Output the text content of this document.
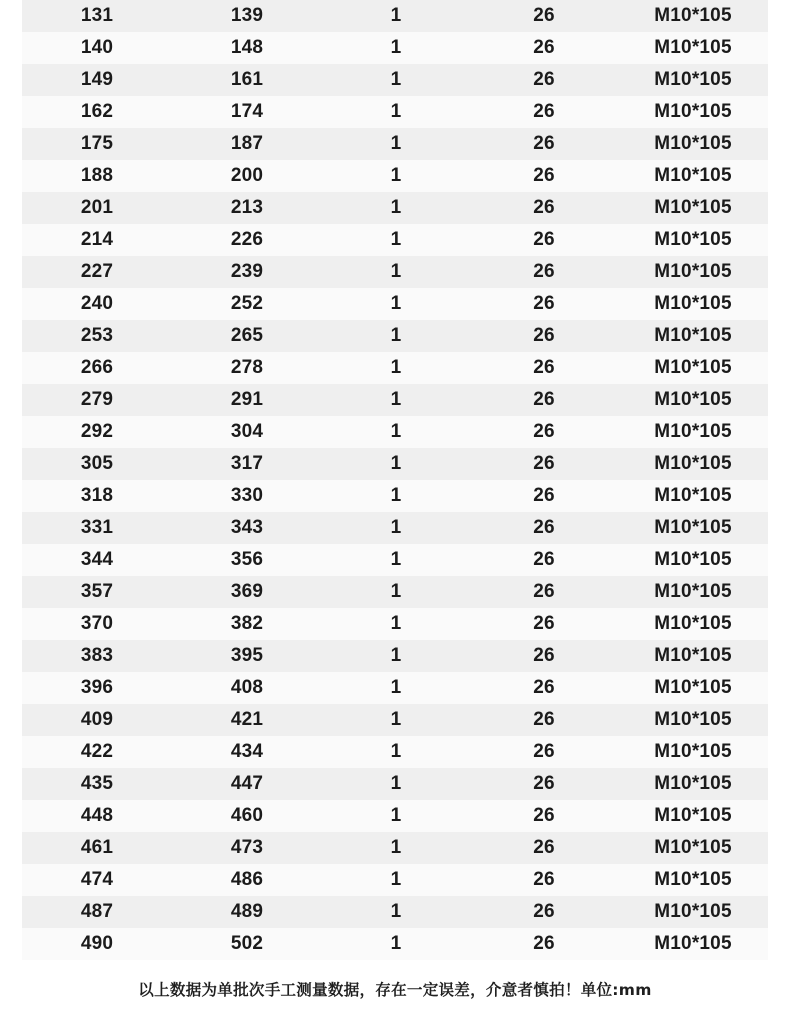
131	139	1	26	M10*105
140	148	1	26	M10*105
149	161	1	26	M10*105
162	174	1	26	M10*105
175	187	1	26	M10*105
188	200	1	26	M10*105
201	213	1	26	M10*105
214	226	1	26	M10*105
227	239	1	26	M10*105
240	252	1	26	M10*105
253	265	1	26	M10*105
266	278	1	26	M10*105
279	291	1	26	M10*105
292	304	1	26	M10*105
305	317	1	26	M10*105
318	330	1	26	M10*105
331	343	1	26	M10*105
344	356	1	26	M10*105
357	369	1	26	M10*105
370	382	1	26	M10*105
383	395	1	26	M10*105
396	408	1	26	M10*105
409	421	1	26	M10*105
422	434	1	26	M10*105
435	447	1	26	M10*105
448	460	1	26	M10*105
461	473	1	26	M10*105
474	486	1	26	M10*105
487	489	1	26	M10*105
490	502	1	26	M10*105
以上数据为单批次手工测量数据，存在一定误差，介意者慎拍！单位:mm
